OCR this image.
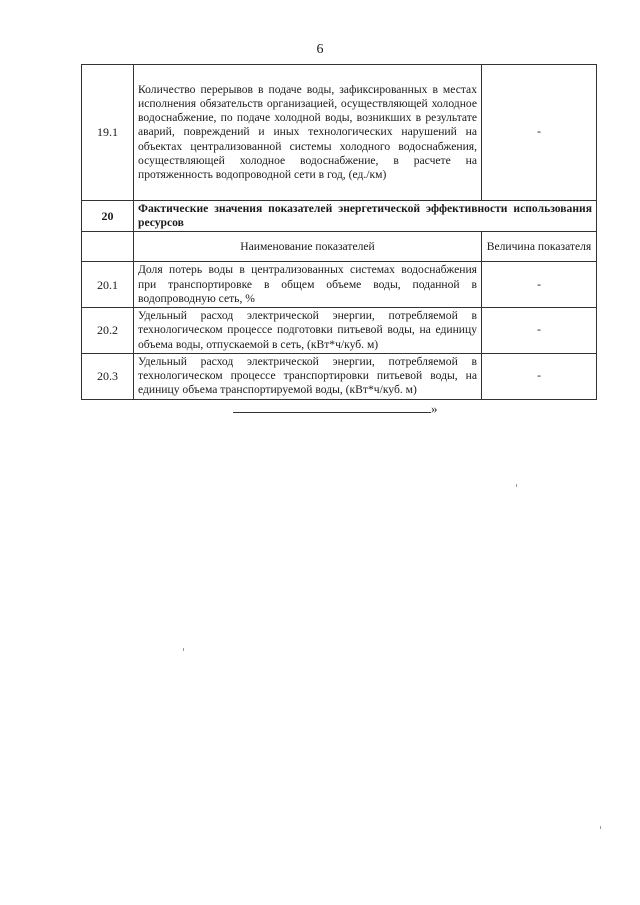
6
19.1	Количество перерывов в подаче воды, зафиксированных в местах исполнения обязательств организацией, осуществляющей холодное водоснабжение, по подаче холодной воды, возникших в результате аварий, повреждений и иных технологических нарушений на объектах централизованной системы холодного водоснабжения, осуществляющей холодное водоснабжение, в расчете на протяженность водопроводной сети в год, (ед./км)	-
20	Фактические значения показателей энергетической эффективности использования ресурсов	
	Наименование показателей	Величина показателя
20.1	Доля потерь воды в централизованных системах водоснабжения при транспортировке в общем объеме воды, поданной в водопроводную сеть, %	-
20.2	Удельный расход электрической энергии, потребляемой в технологическом процессе подготовки питьевой воды, на единицу объема воды, отпускаемой в сеть, (кВт*ч/куб. м)	-
20.3	Удельный расход электрической энергии, потребляемой в технологическом процессе транспортировки питьевой воды, на единицу объема транспортируемой воды, (кВт*ч/куб. м)	-
»
